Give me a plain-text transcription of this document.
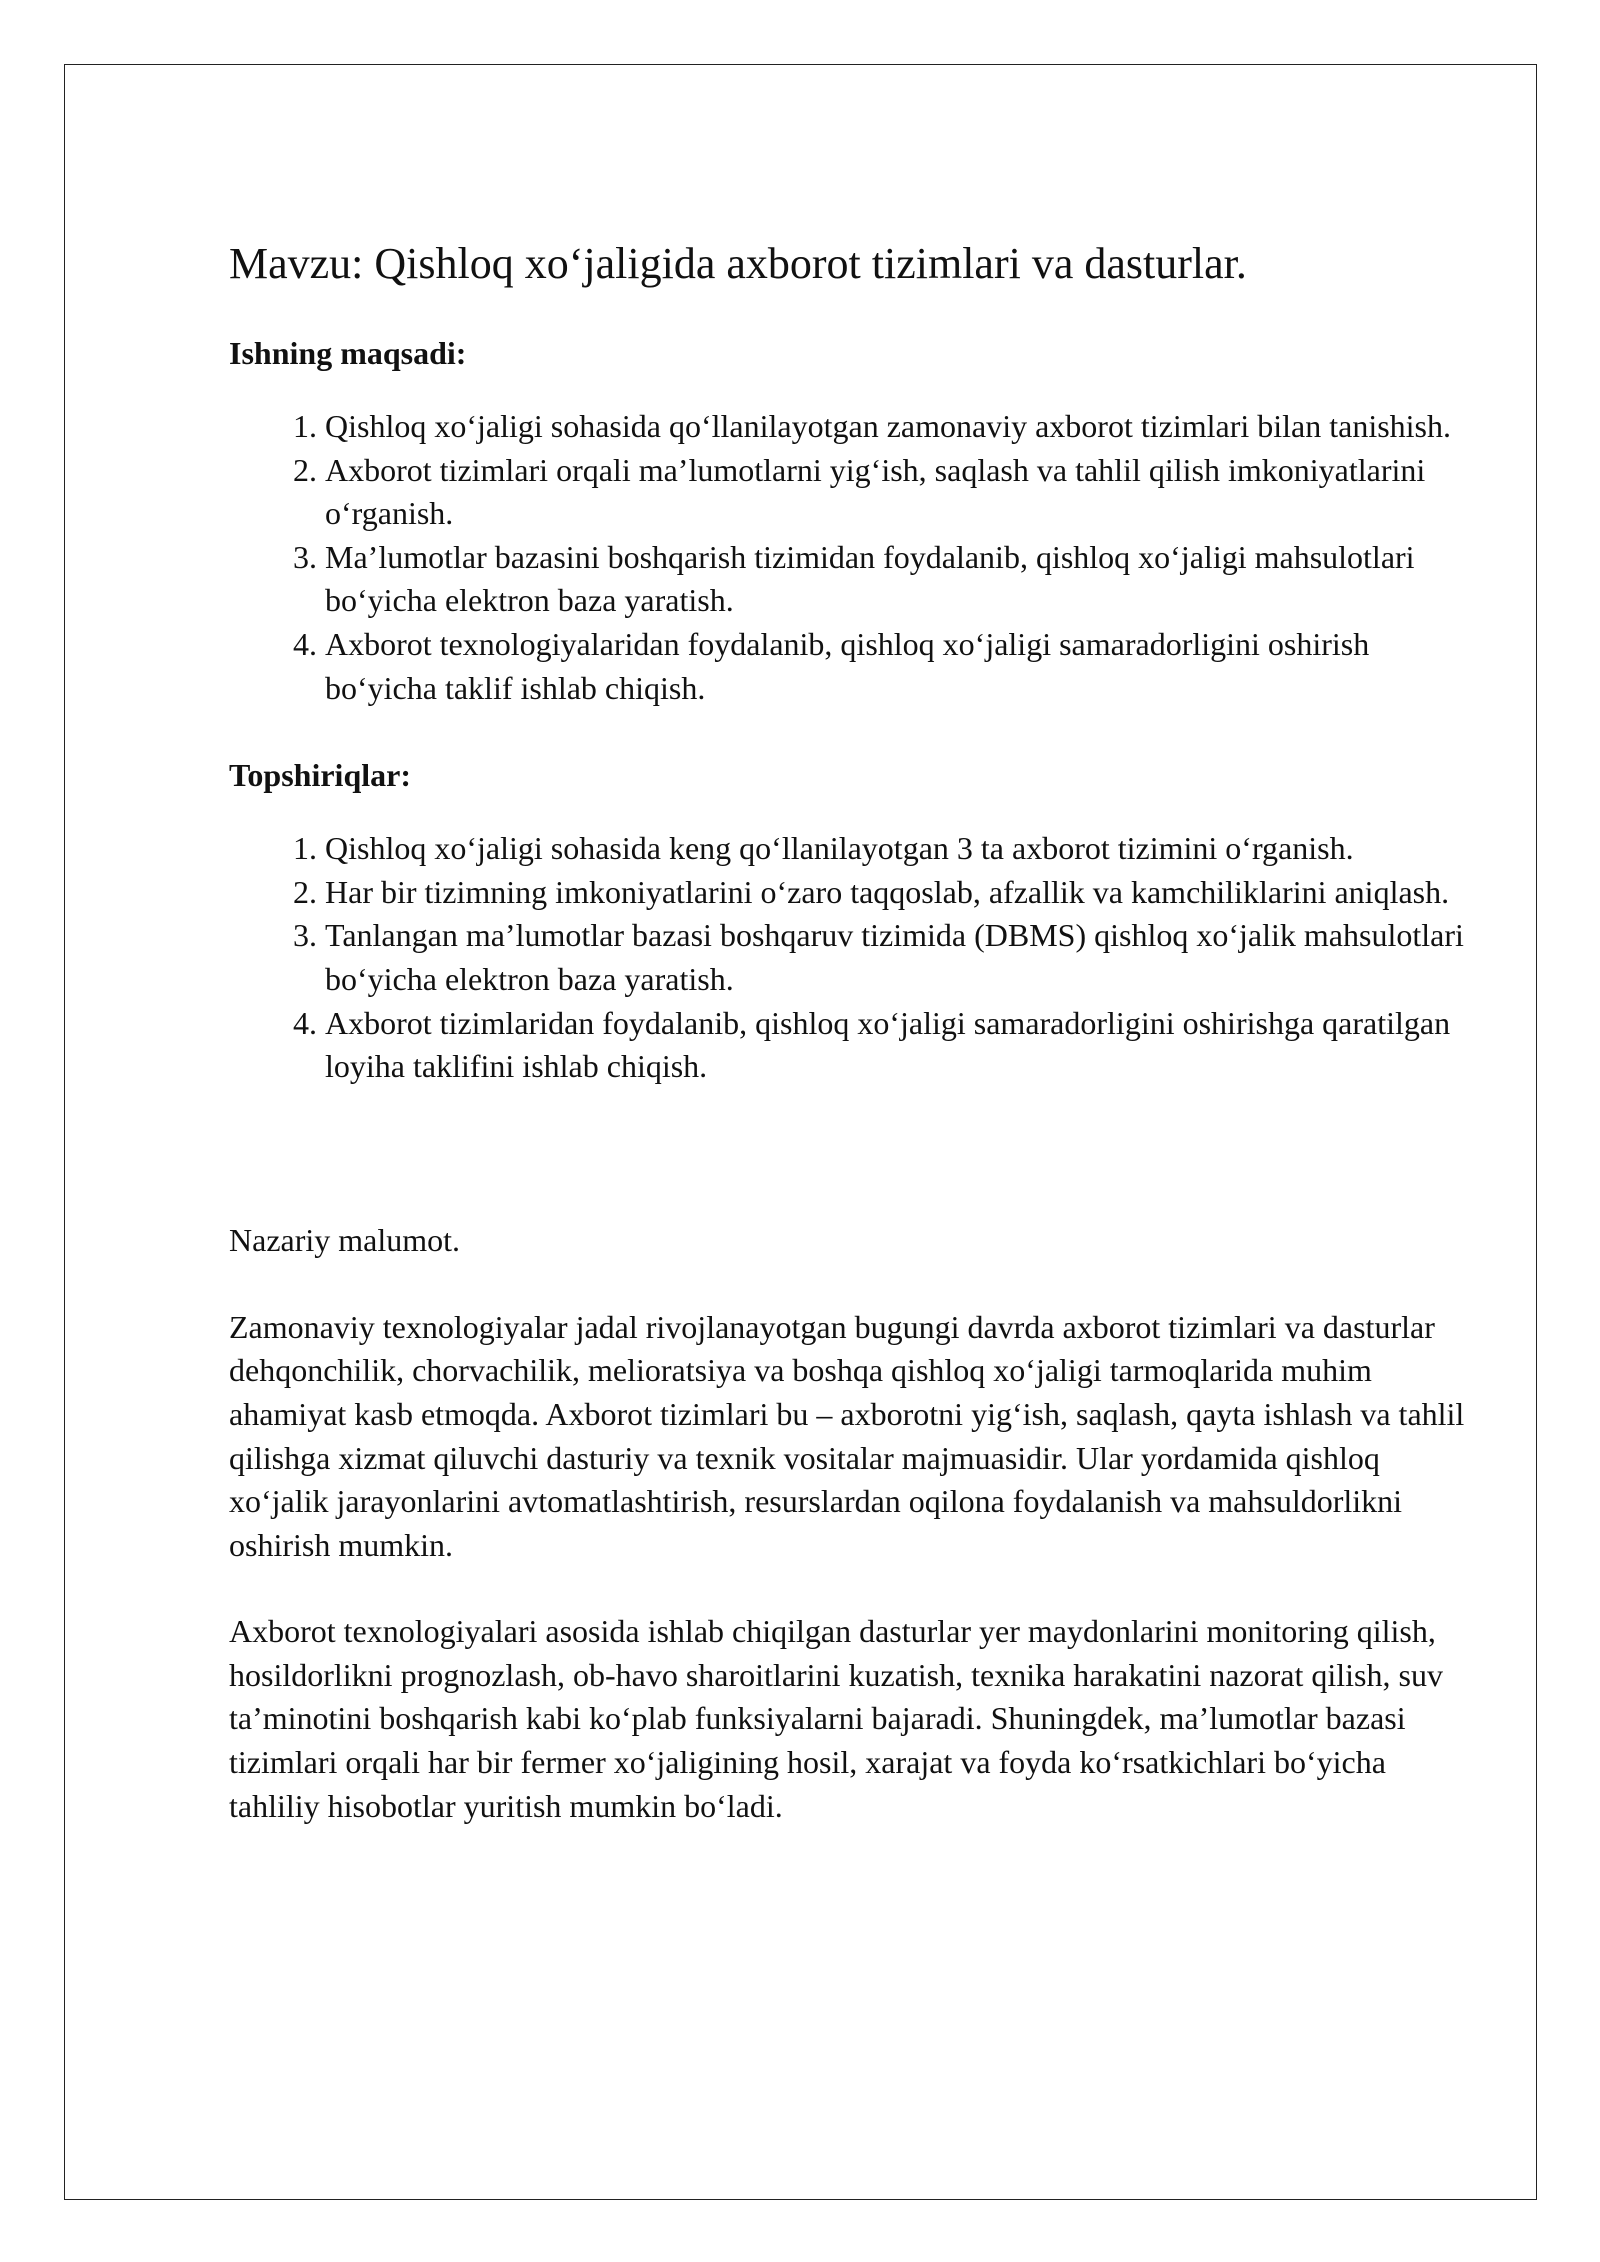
Mavzu: Qishloq xo‘jaligida axborot tizimlari va dasturlar.
Ishning maqsadi:
1. Qishloq xo‘jaligi sohasida qo‘llanilayotgan zamonaviy axborot tizimlari bilan tanishish.
2. Axborot tizimlari orqali ma’lumotlarni yig‘ish, saqlash va tahlil qilish imkoniyatlarini o‘rganish.
3. Ma’lumotlar bazasini boshqarish tizimidan foydalanib, qishloq xo‘jaligi mahsulotlari bo‘yicha elektron baza yaratish.
4. Axborot texnologiyalaridan foydalanib, qishloq xo‘jaligi samaradorligini oshirish bo‘yicha taklif ishlab chiqish.
Topshiriqlar:
1. Qishloq xo‘jaligi sohasida keng qo‘llanilayotgan 3 ta axborot tizimini o‘rganish.
2. Har bir tizimning imkoniyatlarini o‘zaro taqqoslab, afzallik va kamchiliklarini aniqlash.
3. Tanlangan ma’lumotlar bazasi boshqaruv tizimida (DBMS) qishloq xo‘jalik mahsulotlari bo‘yicha elektron baza yaratish.
4. Axborot tizimlaridan foydalanib, qishloq xo‘jaligi samaradorligini oshirishga qaratilgan loyiha taklifini ishlab chiqish.
Nazariy malumot.

Zamonaviy texnologiyalar jadal rivojlanayotgan bugungi davrda axborot tizimlari va dasturlar dehqonchilik, chorvachilik, melioratsiya va boshqa qishloq xo‘jaligi tarmoqlarida muhim ahamiyat kasb etmoqda. Axborot tizimlari bu – axborotni yig‘ish, saqlash, qayta ishlash va tahlil qilishga xizmat qiluvchi dasturiy va texnik vositalar majmuasidir. Ular yordamida qishloq xo‘jalik jarayonlarini avtomatlashtirish, resurslardan oqilona foydalanish va mahsuldorlikni oshirish mumkin.

Axborot texnologiyalari asosida ishlab chiqilgan dasturlar yer maydonlarini monitoring qilish, hosildorlikni prognozlash, ob-havo sharoitlarini kuzatish, texnika harakatini nazorat qilish, suv ta’minotini boshqarish kabi ko‘plab funksiyalarni bajaradi. Shuningdek, ma’lumotlar bazasi tizimlari orqali har bir fermer xo‘jaligining hosil, xarajat va foyda ko‘rsatkichlari bo‘yicha tahliliy hisobotlar yuritish mumkin bo‘ladi.
